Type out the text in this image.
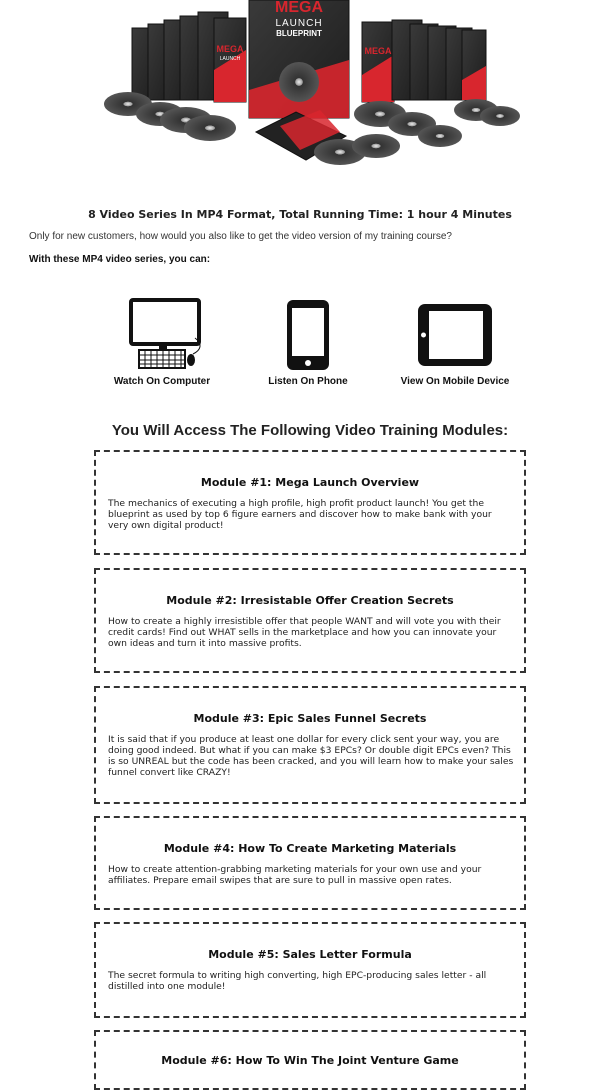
MEGA
LAUNCH
MEGA
LAUNCH
BLUEPRINT
MEGA
8 Video Series In MP4 Format, Total Running Time: 1 hour 4 Minutes
Only for new customers, how would you also like to get the video version of my training course?
With these MP4 video series, you can:
Watch On Computer	Listen On Phone	View On Mobile Device
You Will Access The Following Video Training Modules:
Module #1: Mega Launch Overview

The mechanics of executing a high profile, high profit product launch! You get the blueprint as used by top 6 figure earners and discover how to make bank with your very own digital product!

Module #2: Irresistable Offer Creation Secrets

How to create a highly irresistible offer that people WANT and will vote you with their credit cards! Find out WHAT sells in the marketplace and how you can innovate your own ideas and turn it into massive profits.

Module #3: Epic Sales Funnel Secrets

It is said that if you produce at least one dollar for every click sent your way, you are doing good indeed. But what if you can make $3 EPCs? Or double digit EPCs even? This is so UNREAL but the code has been cracked, and you will learn how to make your sales funnel convert like CRAZY!

Module #4: How To Create Marketing Materials

How to create attention-grabbing marketing materials for your own use and your affiliates. Prepare email swipes that are sure to pull in massive open rates.

Module #5: Sales Letter Formula

The secret formula to writing high converting, high EPC-producing sales letter - all distilled into one module!

Module #6: How To Win The Joint Venture Game
